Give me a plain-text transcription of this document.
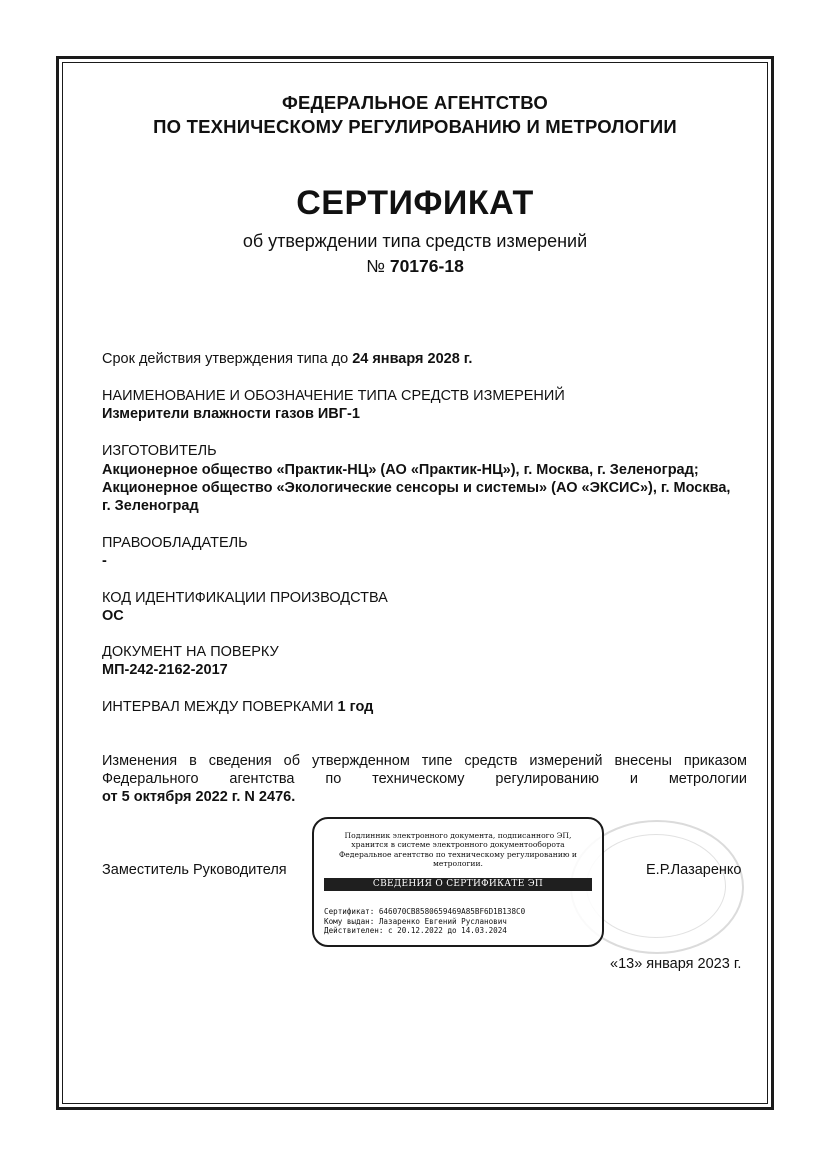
ФЕДЕРАЛЬНОЕ АГЕНТСТВО

ПО ТЕХНИЧЕСКОМУ РЕГУЛИРОВАНИЮ И МЕТРОЛОГИИ

СЕРТИФИКАТ

об утверждении типа средств измерений

№ 70176-18

Срок действия утверждения типа до 24 января 2028 г.

НАИМЕНОВАНИЕ И ОБОЗНАЧЕНИЕ ТИПА СРЕДСТВ ИЗМЕРЕНИЙ

Измерители влажности газов ИВГ-1

ИЗГОТОВИТЕЛЬ

Акционерное общество «Практик-НЦ» (АО «Практик-НЦ»), г. Москва, г. Зеленоград;

Акционерное общество «Экологические сенсоры и системы» (АО «ЭКСИС»), г. Москва,

г. Зеленоград

ПРАВООБЛАДАТЕЛЬ

-

КОД ИДЕНТИФИКАЦИИ ПРОИЗВОДСТВА

ОС

ДОКУМЕНТ НА ПОВЕРКУ

МП-242-2162-2017

ИНТЕРВАЛ МЕЖДУ ПОВЕРКАМИ 1 год

Изменения в сведения об утвержденном типе средств измерений внесены приказом

Федерального агентства по техническому регулированию и метрологии

от 5 октября 2022 г. N 2476.

Заместитель Руководителя	Е.Р.Лазаренко

Подлинник электронного документа, подписанного ЭП,
хранится в системе электронного документооборота
Федеральное агентство по техническому регулированию и
метрологии.
СВЕДЕНИЯ О СЕРТИФИКАТЕ ЭП
Сертификат: 646070CB8580659469A85BF6D1B138C0
Кому выдан: Лазаренко Евгений Русланович
Действителен: с 20.12.2022 до 14.03.2024

«13» января 2023 г.
